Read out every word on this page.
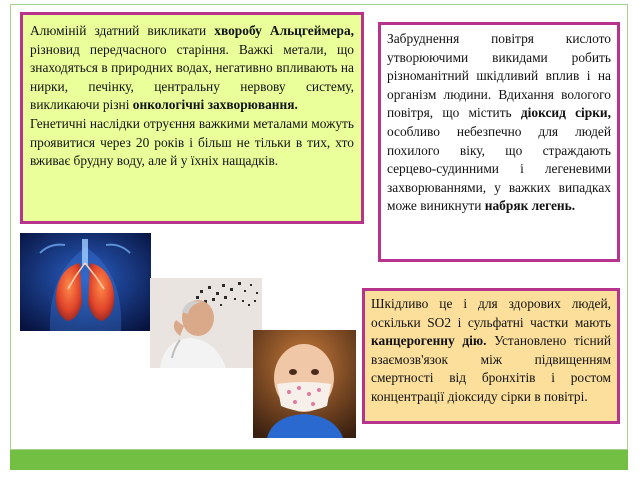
Алюміній здатний викликати хворобу Альцгеймера, різновид передчасного старіння. Важкі метали, що знаходяться в природних водах, негативно впливають на нирки, печінку, центральну нервову систему, викликаючи різні онкологічні захворювання.

Генетичні наслідки отруєння важкими металами можуть проявитися через 20 років і більш не тільки в тих, хто вживає брудну воду, але й у їхніх нащадків.

Забруднення повітря кислото утворюючими викидами робить різноманітний шкідливий вплив і на організм людини. Вдихання вологого повітря, що містить діоксид сірки, особливо небезпечно для людей похилого віку, що страждають серцево-судинними і легеневими захворюваннями, у важких випадках може виникнути набряк легень.

Шкідливо це і для здорових людей, оскільки SO2 і сульфатні частки мають канцерогенну дію. Установлено тісний взаємозв'язок між підвищенням смертності від бронхітів і ростом концентрації діоксиду сірки в повітрі.
